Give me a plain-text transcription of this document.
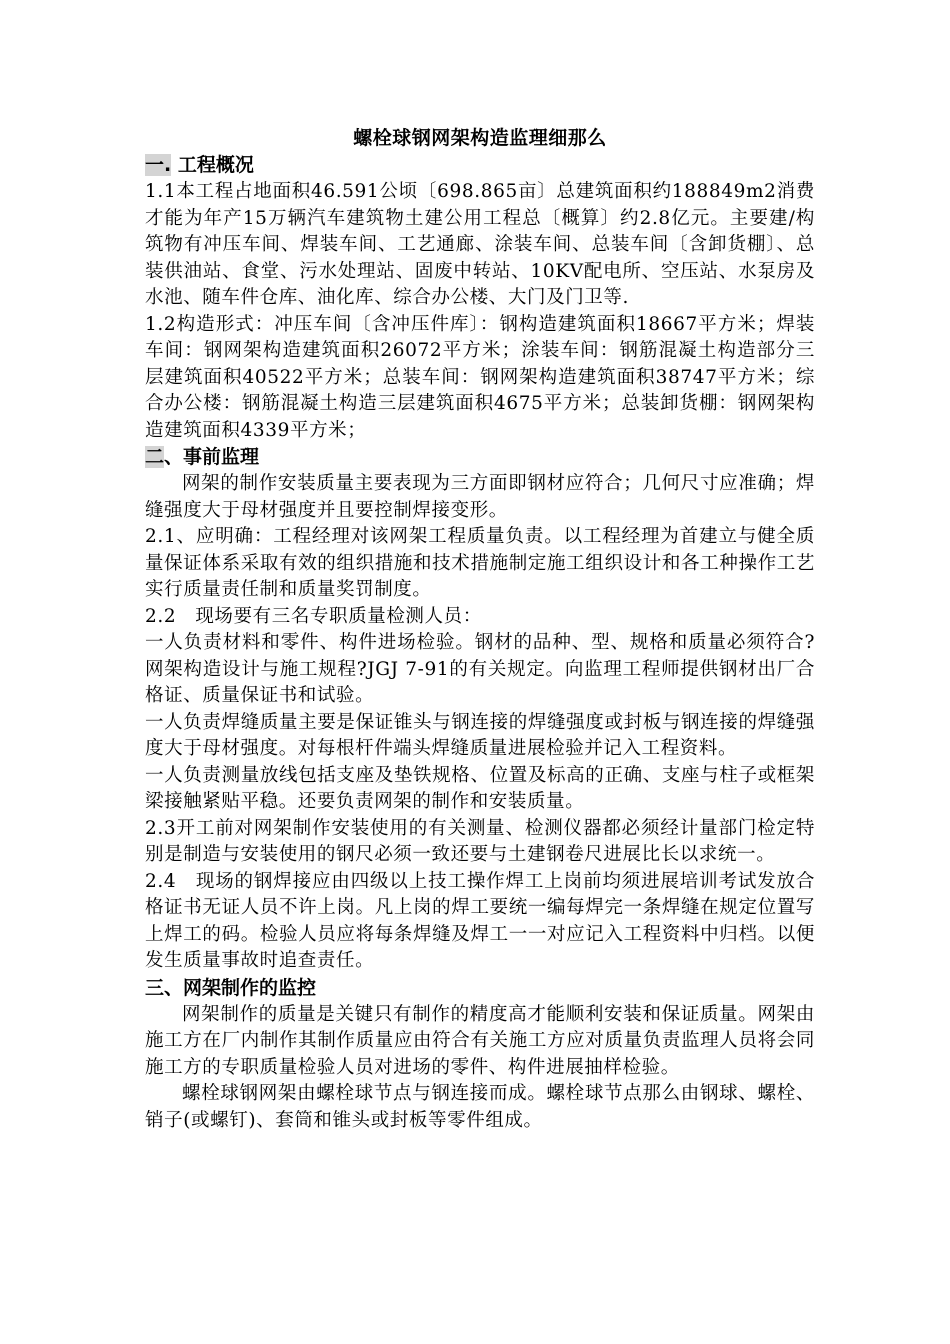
螺栓球钢网架构造监理细那么
一. 工程概况

1.1本工程占地面积46.591公顷〔698.865亩〕总建筑面积约188849m2消费才能为年产15万辆汽车建筑物土建公用工程总〔概算〕约2.8亿元。主要建/构筑物有冲压车间、焊装车间、工艺通廊、涂装车间、总装车间〔含卸货棚〕、总装供油站、食堂、污水处理站、固废中转站、10KV配电所、空压站、水泵房及水池、随车件仓库、油化库、综合办公楼、大门及门卫等.

1.2构造形式：冲压车间〔含冲压件库〕：钢构造建筑面积18667平方米；焊装车间：钢网架构造建筑面积26072平方米；涂装车间：钢筋混凝土构造部分三层建筑面积40522平方米；总装车间：钢网架构造建筑面积38747平方米；综合办公楼：钢筋混凝土构造三层建筑面积4675平方米；总装卸货棚：钢网架构造建筑面积4339平方米；

二、事前监理

网架的制作安装质量主要表现为三方面即钢材应符合；几何尺寸应准确；焊缝强度大于母材强度并且要控制焊接变形。

2.1、应明确：工程经理对该网架工程质量负责。以工程经理为首建立与健全质量保证体系采取有效的组织措施和技术措施制定施工组织设计和各工种操作工艺实行质量责任制和质量奖罚制度。

2.2　现场要有三名专职质量检测人员：

一人负责材料和零件、构件进场检验。钢材的品种、型、规格和质量必须符合?网架构造设计与施工规程?JGJ 7-91的有关规定。向监理工程师提供钢材出厂合格证、质量保证书和试验。

一人负责焊缝质量主要是保证锥头与钢连接的焊缝强度或封板与钢连接的焊缝强度大于母材强度。对每根杆件端头焊缝质量进展检验并记入工程资料。

一人负责测量放线包括支座及垫铁规格、位置及标高的正确、支座与柱子或框架梁接触紧贴平稳。还要负责网架的制作和安装质量。

2.3开工前对网架制作安装使用的有关测量、检测仪器都必须经计量部门检定特别是制造与安装使用的钢尺必须一致还要与土建钢卷尺进展比长以求统一。

2.4　现场的钢焊接应由四级以上技工操作焊工上岗前均须进展培训考试发放合格证书无证人员不许上岗。凡上岗的焊工要统一编每焊完一条焊缝在规定位置写上焊工的码。检验人员应将每条焊缝及焊工一一对应记入工程资料中归档。以便发生质量事故时追查责任。

三、网架制作的监控

网架制作的质量是关键只有制作的精度高才能顺利安装和保证质量。网架由施工方在厂内制作其制作质量应由符合有关施工方应对质量负责监理人员将会同施工方的专职质量检验人员对进场的零件、构件进展抽样检验。

螺栓球钢网架由螺栓球节点与钢连接而成。螺栓球节点那么由钢球、螺栓、销子(或螺钉)、套筒和锥头或封板等零件组成。
